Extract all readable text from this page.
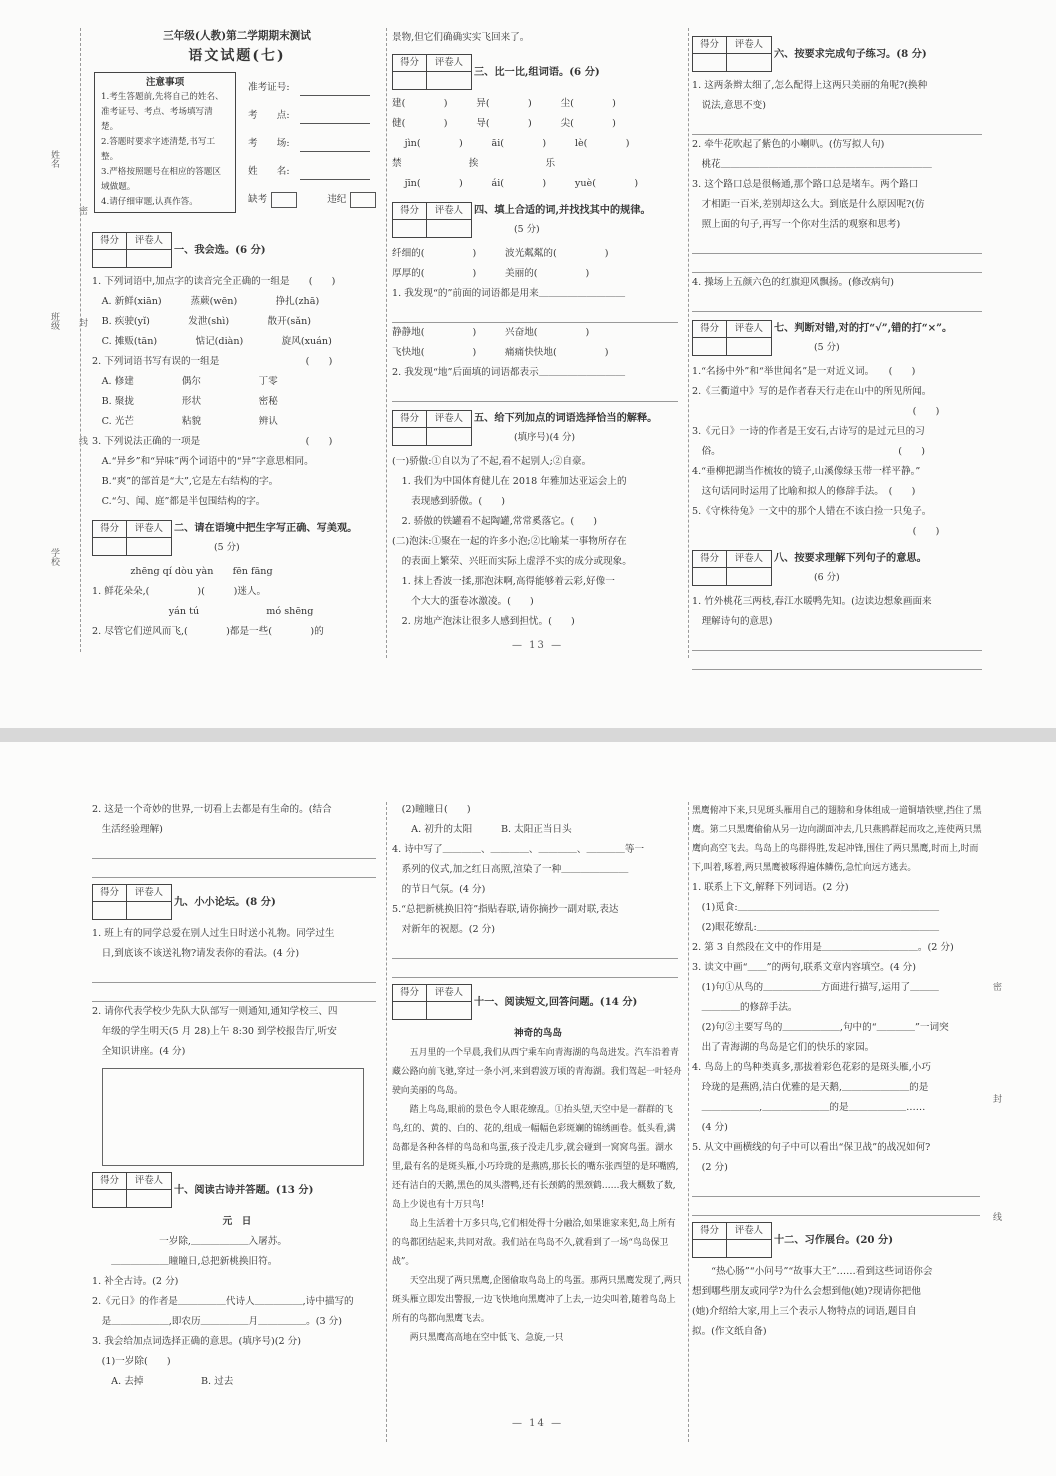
姓名
密
班级 封
线
学校
三年级(人教)第二学期期末测试
语文试题(七)
注意事项
1.考生答题前,先将自己的姓名、准考证号、考点、考场填写清楚。
2.答题时要求字迹清楚,书写工整。
3.严格按照题号在相应的答题区域做题。
4.请仔细审题,认真作答。
准考证号:
考　　点:
考　　场:
姓　　名:
缺考	违纪
得分	评卷人
一、我会选。(6 分)

1. 下列词语中,加点字的读音完全正确的一组是　　(　　)

　A. 新鲜(xiān)　　　蒸蕨(wēn)　　　　挣扎(zhā)

　B. 疾驶(yǐ)　　　　发泄(shì)　　　　散开(sǎn)

　C. 摊贩(tān)　　　　惦记(diàn)　　　　旋风(xuán)

2. 下列词语书写有误的一组是　　　　　　　　　(　　)

　A. 修建　　　　　偶尔　　　　　　丁零

　B. 聚拢　　　　　形状　　　　　　密秘

　C. 光芒　　　　　粘貌　　　　　　辨认

3. 下列说法正确的一项是　　　　　　　　　　　(　　)

　A.“异乡”和“异味”两个词语中的“异”字意思相同。

　B.“爽”的部首是“大”,它是左右结构的字。

　C.“匀、闻、庭”都是半包围结构的字。

得分	评卷人	二、请在语境中把生字写正确、写美观。
(5 分)

　　　　zhēng qí dòu yàn　　fēn fāng

1. 鲜花朵朵,(　　　　　)(　　　)迷人。

　　　　　　　　yán tú　　　　　　　mó shēng

2. 尽管它们逆风而飞,(　　　　)都是一些(　　　　)的

景物,但它们确确实实飞回来了。

得分	评卷人
三、比一比,组词语。(6 分)

建(　　　　)　　　异(　　　　)　　　尘(　　　　)

健(　　　　)　　　导(　　　　)　　　尖(　　　　)

　 jìn(　　　　)　　　āi(　　　　)　　　lè(　　　　)

禁　　　　　　　挨　　　　　　　乐

　 jīn(　　　　)　　　ái(　　　　)　　　yuè(　　　　)

得分	评卷人	四、填上合适的词,并找找其中的规律。
(5 分)

纤细的(　　　　　)　　　波光粼粼的(　　　　　)

厚厚的(　　　　　)　　　美丽的(　　　　　)

1. 我发现“的”前面的词语都是用来＿＿＿＿＿＿＿＿＿

静静地(　　　　　)　　　兴奋地(　　　　　)

飞快地(　　　　　)　　　痛痛快快地(　　　　　)

2. 我发现“地”后面填的词语都表示＿＿＿＿＿＿＿＿＿

得分	评卷人	五、给下列加点的词语选择恰当的解释。
(填序号)(4 分)

(一)骄傲:①自以为了不起,看不起别人;②自豪。

　1. 我们为中国体育健儿在 2018 年雅加达亚运会上的

　　表现感到骄傲。(　　)

　2. 骄傲的铁罐看不起陶罐,常常奚落它。(　　)

(二)泡沫:①聚在一起的许多小泡;②比喻某一事物所存在

　的表面上繁荣、兴旺而实际上虚浮不实的成分或现象。

　1. 抹上香波一揉,那泡沫啊,高得能够着云彩,好像一

　　个大大的蛋卷冰激凌。(　　)

　2. 房地产泡沫让很多人感到担忧。(　　)

得分	评卷人
六、按要求完成句子练习。(8 分)

1. 这两条辫太细了,怎么配得上这两只美丽的角呢?(换种

　说法,意思不变)

2. 牵牛花吹起了紫色的小喇叭。(仿写拟人句)

　桃花＿＿＿＿＿＿＿＿＿＿＿＿＿＿＿＿＿＿＿＿＿＿

3. 这个路口总是很畅通,那个路口总是堵车。两个路口

　才相距一百米,差别却这么大。到底是什么原因呢?(仿

　照上面的句子,再写一个你对生活的观察和思考)

4. 操场上五颜六色的红旗迎风飘扬。(修改病句)

得分	评卷人	七、判断对错,对的打“√”,错的打“×”。
(5 分)

1.“名扬中外”和“举世闻名”是一对近义词。　　(　　)

2.《三衢道中》写的是作者春天行走在山中的所见所闻。

　　　　　　　　　　　　　　　　　　　　　　　(　　)

3.《元日》一诗的作者是王安石,古诗写的是过元旦的习

　俗。　　　　　　　　　　　　　　　　　　　(　　)

4.“垂柳把湖当作梳妆的镜子,山溪像绿玉带一样平静。”

　这句话同时运用了比喻和拟人的修辞手法。　(　　)

5.《守株待兔》一文中的那个人错在不该白捡一只兔子。

　　　　　　　　　　　　　　　　　　　　　　　(　　)

得分	评卷人	八、按要求理解下列句子的意思。
(6 分)

1. 竹外桃花三两枝,春江水暖鸭先知。(边读边想象画面来

　理解诗句的意思)

— 13 —
密
封
线

2. 这是一个奇妙的世界,一切看上去都是有生命的。(结合

　生活经验理解)

得分	评卷人
九、小小论坛。(8 分)

1. 班上有的同学总爱在别人过生日时送小礼物。同学过生

　日,到底该不该送礼物?请发表你的看法。(4 分)

2. 请你代表学校少先队大队部写一则通知,通知学校三、四

　年级的学生明天(5 月 28)上午 8:30 到学校报告厅,听安

　全知识讲座。(4 分)

得分	评卷人
十、阅读古诗并答题。(13 分)

元　日

　　　　　　　一岁除,＿＿＿＿＿＿入屠苏。

　　＿＿＿＿＿＿瞳瞳日,总把新桃换旧符。

1. 补全古诗。(2 分)

2.《元日》的作者是＿＿＿＿＿代诗人＿＿＿＿＿,诗中描写的

　是＿＿＿＿＿＿,即农历＿＿＿＿＿月＿＿＿＿＿。(3 分)

3. 我会给加点词选择正确的意思。(填序号)(2 分)

　(1)一岁除(　　)

　　A. 去掉　　　　　　B. 过去

　(2)瞳瞳日(　　)

　　A. 初升的太阳　　　B. 太阳正当日头

4. 诗中写了＿＿＿＿、＿＿＿＿、＿＿＿＿、＿＿＿＿等一

　系列的仪式,加之红日高照,渲染了一种＿＿＿＿＿＿＿

　的节日气氛。(4 分)

5.“总把新桃换旧符”指贴春联,请你摘抄一副对联,表达

　对新年的祝愿。(2 分)

得分	评卷人
十一、阅读短文,回答问题。(14 分)

神奇的鸟岛

　　五月里的一个早晨,我们从西宁乘车向青海湖的鸟岛进发。汽车沿着青藏公路向前飞驰,穿过一条小河,来到碧波万顷的青海湖。我们驾起一叶轻舟驶向美丽的鸟岛。

　　踏上鸟岛,眼前的景色令人眼花缭乱。①抬头望,天空中是一群群的飞鸟,红的、黄的、白的、花的,组成一幅幅色彩斑斓的锦绣画卷。低头看,满岛都是各种各样的鸟岛和鸟蛋,孩子没走几步,就会碰到一窝窝鸟蛋。湖水里,最有名的是斑头雁,小巧玲珑的是燕鸥,那长长的嘴东张西望的是环嘴鸥,还有洁白的天鹅,黑色的凤头潜鸭,还有长颈鹤的黑颈鹤……我大概数了数,岛上少说也有十万只鸟!

　　岛上生活着十万多只鸟,它们相处得十分融洽,如果谁家来犯,岛上所有的鸟都团结起来,共同对敌。我们站在鸟岛不久,就看到了一场“鸟岛保卫战”。

　　天空出现了两只黑鹰,企图偷取鸟岛上的鸟蛋。那两只黑鹰发现了,两只斑头雁立即发出警报,一边飞快地向黑鹰冲了上去,一边尖叫着,随着鸟岛上所有的鸟都向黑鹰飞去。

　　两只黑鹰高高地在空中低飞、急旋,一只

黑鹰俯冲下来,只见斑头雁用自己的翅膀和身体组成一道铜墙铁壁,挡住了黑鹰。第二只黑鹰偷偷从另一边向湖面冲去,几只燕鸥群起而攻之,连使两只黑鹰向高空飞去。鸟岛上的鸟群得胜,发起冲锋,围住了两只黑鹰,时而上,时而下,叫着,啄着,两只黑鹰被啄得遍体鳞伤,急忙向远方逃去。

1. 联系上下文,解释下列词语。(2 分)

　(1)觅食:＿＿＿＿＿＿＿＿＿＿＿＿＿＿＿＿＿＿＿＿＿

　(2)眼花缭乱:＿＿＿＿＿＿＿＿＿＿＿＿＿＿＿＿＿＿＿

2. 第 3 自然段在文中的作用是＿＿＿＿＿＿＿＿＿＿。(2 分)

3. 读文中画“＿＿”的两句,联系文章内容填空。(4 分)

　(1)句①从鸟的＿＿＿＿＿＿方面进行描写,运用了＿＿＿

　＿＿＿＿的修辞手法。

　(2)句②主要写鸟的＿＿＿＿＿＿,句中的“＿＿＿＿”一词突

　出了青海湖的鸟岛是它们的快乐的家园。

4. 鸟岛上的鸟种类真多,那拔着彩色花彩的是斑头雁,小巧

　玲珑的是燕鸥,洁白优雅的是天鹅,＿＿＿＿＿＿＿的是

　＿＿＿＿＿＿,＿＿＿＿＿＿＿的是＿＿＿＿＿＿……

　(4 分)

5. 从文中画横线的句子中可以看出“保卫战”的战况如何?

　(2 分)

得分	评卷人
十二、习作展台。(20 分)

　　“热心肠”“小问号”“故事大王”……看到这些词语你会

想到哪些朋友或同学?为什么会想到他(她)?现请你把他

(她)介绍给大家,用上三个表示人物特点的词语,题目自

拟。(作文纸自备)

— 14 —
